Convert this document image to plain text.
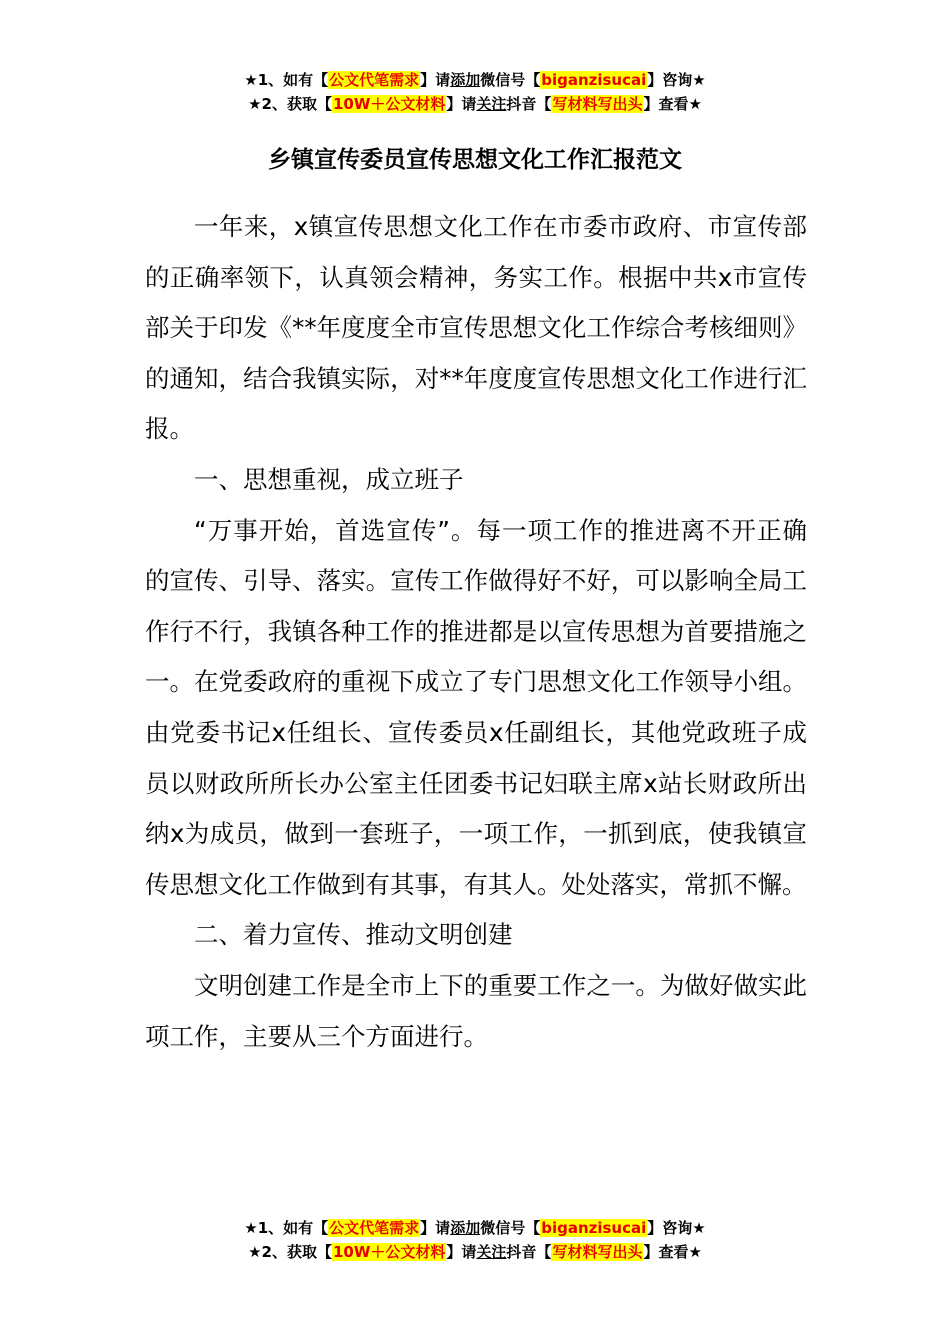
★1、如有【公文代笔需求】请添加微信号【biganzisucai】咨询★
★2、获取【10W＋公文材料】请关注抖音【写材料写出头】查看★
乡镇宣传委员宣传思想文化工作汇报范文

一年来，x镇宣传思想文化工作在市委市政府、市宣传部的正确率领下，认真领会精神，务实工作。根据中共x市宣传部关于印发《**年度度全市宣传思想文化工作综合考核细则》的通知，结合我镇实际，对**年度度宣传思想文化工作进行汇报。

一、思想重视，成立班子

“万事开始，首选宣传”。每一项工作的推进离不开正确的宣传、引导、落实。宣传工作做得好不好，可以影响全局工作行不行，我镇各种工作的推进都是以宣传思想为首要措施之一。在党委政府的重视下成立了专门思想文化工作领导小组。由党委书记x任组长、宣传委员x任副组长，其他党政班子成员以财政所所长办公室主任团委书记妇联主席x站长财政所出纳x为成员，做到一套班子，一项工作，一抓到底，使我镇宣传思想文化工作做到有其事，有其人。处处落实，常抓不懈。

二、着力宣传、推动文明创建

文明创建工作是全市上下的重要工作之一。为做好做实此项工作，主要从三个方面进行。

★1、如有【公文代笔需求】请添加微信号【biganzisucai】咨询★
★2、获取【10W＋公文材料】请关注抖音【写材料写出头】查看★
